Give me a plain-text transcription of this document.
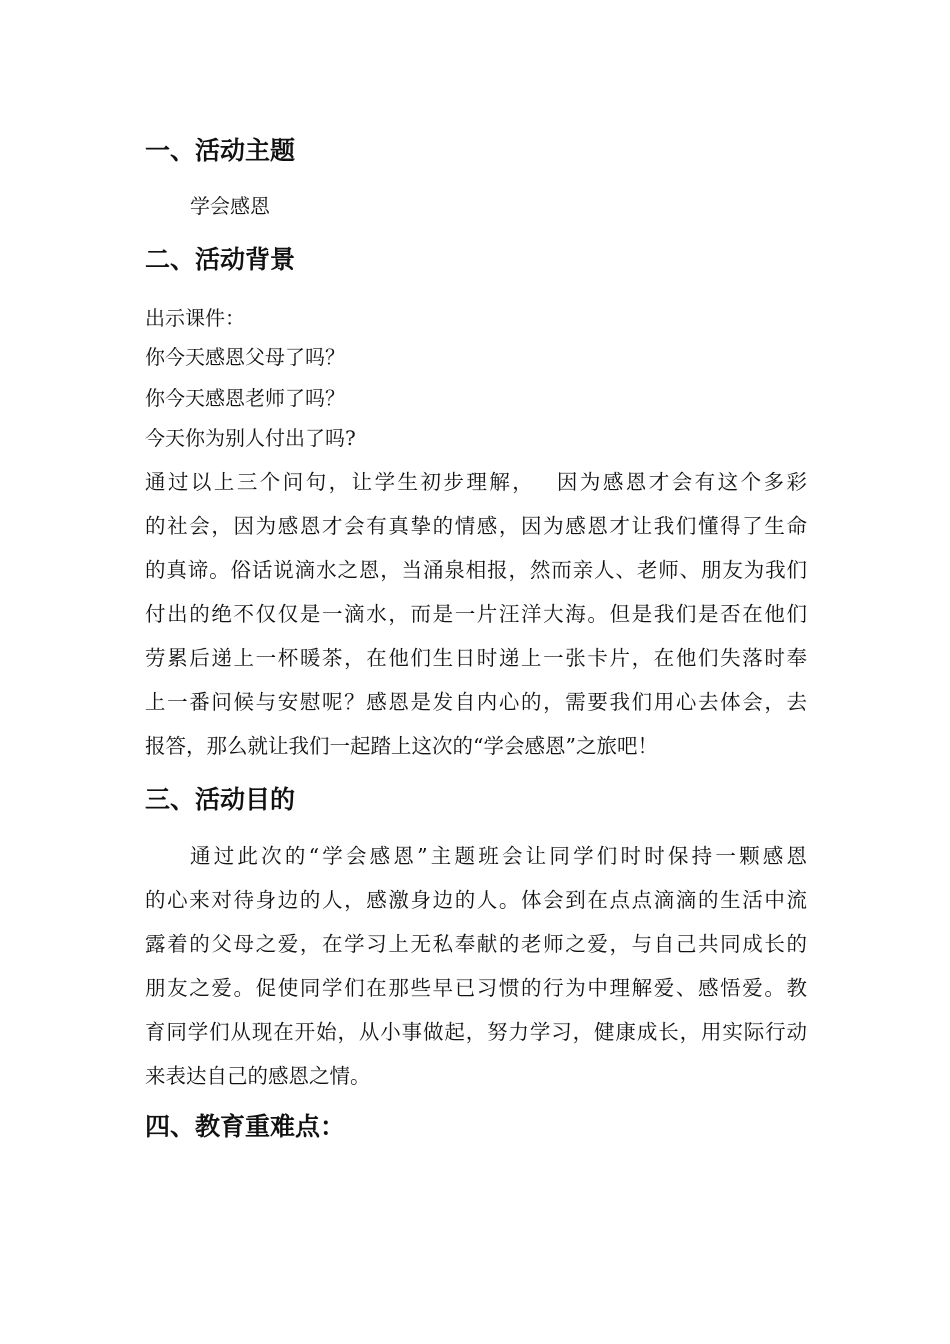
一、活动主题

学会感恩

二、活动背景

出示课件：

你今天感恩父母了吗？

你今天感恩老师了吗？

今天你为别人付出了吗?

通过以上三个问句，让学生初步理解，　 因为感恩才会有这个多彩

的社会，因为感恩才会有真挚的情感，因为感恩才让我们懂得了生命

的真谛。俗话说滴水之恩，当涌泉相报，然而亲人、老师、朋友为我们

付出的绝不仅仅是一滴水，而是一片汪洋大海。但是我们是否在他们

劳累后递上一杯暖茶，在他们生日时递上一张卡片，在他们失落时奉

上一番问候与安慰呢？感恩是发自内心的，需要我们用心去体会，去

报答，那么就让我们一起踏上这次的“学会感恩”之旅吧！

三、活动目的

通过此次的“学会感恩”主题班会让同学们时时保持一颗感恩

的心来对待身边的人，感激身边的人。体会到在点点滴滴的生活中流

露着的父母之爱，在学习上无私奉献的老师之爱，与自己共同成长的

朋友之爱。促使同学们在那些早已习惯的行为中理解爱、感悟爱。教

育同学们从现在开始，从小事做起，努力学习，健康成长，用实际行动

来表达自己的感恩之情。

四、教育重难点：
